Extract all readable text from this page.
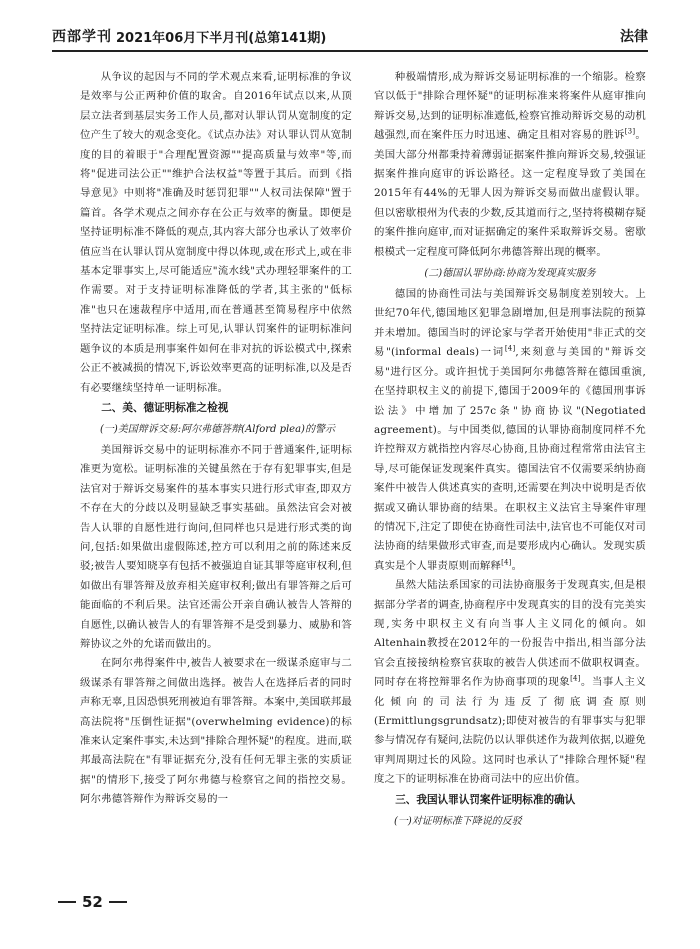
西部学刊 2021年06月下半月刊(总第141期)	法律

从争议的起因与不同的学术观点来看,证明标准的争议是效率与公正两种价值的取舍。自2016年试点以来,从顶层立法者到基层实务工作人员,都对认罪认罚从宽制度的定位产生了较大的观念变化。《试点办法》对认罪认罚从宽制度的目的着眼于"合理配置资源""提高质量与效率"等,而将"促进司法公正""维护合法权益"等置于其后。而到《指导意见》中则将"准确及时惩罚犯罪""人权司法保障"置于篇首。各学术观点之间亦存在公正与效率的衡量。即便是坚持证明标准不降低的观点,其内容大部分也承认了效率价值应当在认罪认罚从宽制度中得以体现,或在形式上,或在非基本定罪事实上,尽可能适应"流水线"式办理轻罪案件的工作需要。对于支持证明标准降低的学者,其主张的"低标准"也只在速裁程序中适用,而在普通甚至简易程序中依然坚持法定证明标准。综上可见,认罪认罚案件的证明标准问题争议的本质是刑事案件如何在非对抗的诉讼模式中,探索公正不被减损的情况下,诉讼效率更高的证明标准,以及是否有必要继续坚持单一证明标准。

二、美、德证明标准之检视

(一)美国辩诉交易:阿尔弗德答辩(Alford plea)的警示

美国辩诉交易中的证明标准亦不同于普通案件,证明标准更为宽松。证明标准的关键虽然在于存有犯罪事实,但是法官对于辩诉交易案件的基本事实只进行形式审查,即双方不存在大的分歧以及明显缺乏事实基础。虽然法官会对被告人认罪的自愿性进行询问,但同样也只是进行形式类的询问,包括:如果做出虚假陈述,控方可以利用之前的陈述来反驳;被告人要知晓享有包括不被强迫自证其罪等庭审权利,但如做出有罪答辩及放弃相关庭审权利;做出有罪答辩之后可能面临的不利后果。法官还需公开亲自确认被告人答辩的自愿性,以确认被告人的有罪答辩不是受到暴力、威胁和答辩协议之外的允诺而做出的。

在阿尔弗得案件中,被告人被要求在一级谋杀庭审与二级谋杀有罪答辩之间做出选择。被告人在选择后者的同时声称无辜,且因恐惧死刑被迫有罪答辩。本案中,美国联邦最高法院将"压倒性证据"(overwhelming evidence)的标准来认定案件事实,未达到"排除合理怀疑"的程度。进而,联邦最高法院在"有罪证据充分,没有任何无罪主张的实质证据"的情形下,接受了阿尔弗德与检察官之间的指控交易。阿尔弗德答辩作为辩诉交易的一

种极端情形,成为辩诉交易证明标准的一个缩影。检察官以低于"排除合理怀疑"的证明标准来将案件从庭审推向辩诉交易,达到的证明标准遮低,检察官推动辩诉交易的动机越强烈,而在案件压力时迅速、确定且相对容易的胜诉[3]。美国大部分州都秉持着薄弱证据案件推向辩诉交易,较强证据案件推向庭审的诉讼路径。这一定程度导致了美国在2015年有44%的无罪人因为辩诉交易而做出虚假认罪。但以密歇根州为代表的少数,反其道而行之,坚持将模糊存疑的案件推向庭审,而对证据确定的案件采取辩诉交易。密歇根模式一定程度可降低阿尔弗德答辩出现的概率。

(二)德国认罪协商:协商为发现真实服务

德国的协商性司法与美国辩诉交易制度差别较大。上世纪70年代,德国地区犯罪急剧增加,但是刑事法院的预算并未增加。德国当时的评论家与学者开始使用"非正式的交易"(informal deals)一词[4],来刻意与美国的"辩诉交易"进行区分。或许担忧于美国阿尔弗德答辩在德国重演,在坚持职权主义的前提下,德国于2009年的《德国刑事诉讼法》中增加了257c条"协商协议"(Negotiated agreement)。与中国类似,德国的认罪协商制度同样不允许控辩双方就指控内容尽心协商,且协商过程常常由法官主导,尽可能保证发现案件真实。德国法官不仅需要采纳协商案件中被告人供述真实的查明,还需要在判决中说明是否依据或又确认罪协商的结果。在职权主义法官主导案件审理的情况下,注定了即使在协商性司法中,法官也不可能仅对司法协商的结果做形式审查,而是要形成内心确认。发现实质真实是个人罪责原则而解释[4]。

虽然大陆法系国家的司法协商服务于发现真实,但是根据部分学者的调查,协商程序中发现真实的目的没有完美实现,实务中职权主义有向当事人主义同化的倾向。如Altenhain教授在2012年的一份报告中指出,相当部分法官会直接接纳检察官获取的被告人供述而不做职权调查。同时存在将控辩罪名作为协商事项的现象[4]。当事人主义化倾向的司法行为违反了彻底调查原则(Ermittlungsgrundsatz);即使对被告的有罪事实与犯罪参与情况存有疑问,法院仍以认罪供述作为裁判依据,以避免审判周期过长的风险。这同时也承认了"排除合理怀疑"程度之下的证明标准在协商司法中的应出价值。

三、我国认罪认罚案件证明标准的确认

(一)对证明标准下降说的反驳

52
